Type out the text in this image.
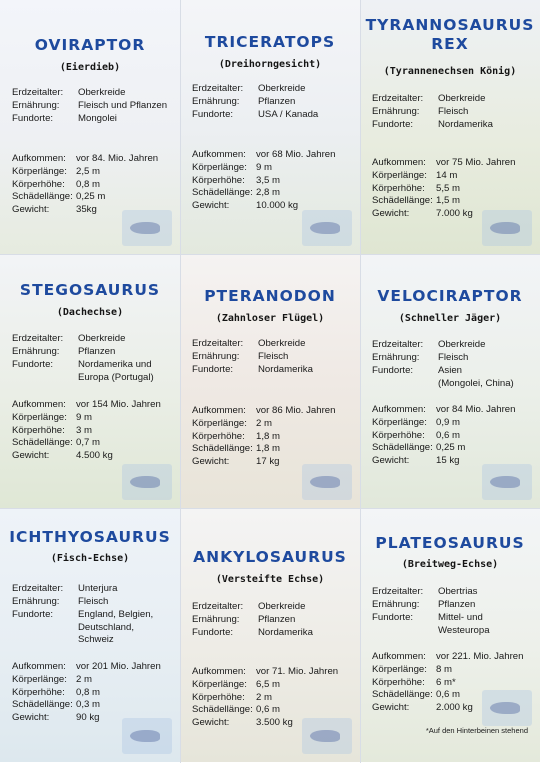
OVIRAPTOR
(Eierdieb)
Erdzeitalter: Oberkreide
Ernährung: Fleisch und Pflanzen
Fundorte:	Mongolei
Aufkommen: vor 84. Mio. Jahren
Körperlänge: 2,5 m
Körperhöhe: 0,8 m
Schädellänge: 0,25 m
Gewicht:	35kg
TRICERATOPS
(Dreihorngesicht)
Erdzeitalter: Oberkreide
Ernährung: Pflanzen
Fundorte:	USA / Kanada
Aufkommen: vor 68 Mio. Jahren
Körperlänge: 9 m
Körperhöhe: 3,5 m
Schädellänge: 2,8 m
Gewicht:	10.000 kg
TYRANNOSAURUS
REX
(Tyrannenechsen König)
Erdzeitalter: Oberkreide
Ernährung: Fleisch
Fundorte:	Nordamerika
Aufkommen: vor 75 Mio. Jahren
Körperlänge: 14 m
Körperhöhe: 5,5 m
Schädellänge: 1,5 m
Gewicht:	7.000 kg
STEGOSAURUS
(Dachechse)
Erdzeitalter: Oberkreide
Ernährung: Pflanzen
Fundorte:	Nordamerika und
Europa (Portugal)
Aufkommen: vor 154 Mio. Jahren
Körperlänge: 9 m
Körperhöhe: 3 m
Schädellänge: 0,7 m
Gewicht:	4.500 kg
PTERANODON
(Zahnloser Flügel)
Erdzeitalter: Oberkreide
Ernährung: Fleisch
Fundorte:	Nordamerika
Aufkommen: vor 86 Mio. Jahren
Körperlänge: 2 m
Körperhöhe: 1,8 m
Schädellänge: 1,8 m
Gewicht:	17 kg
VELOCIRAPTOR
(Schneller Jäger)
Erdzeitalter: Oberkreide
Ernährung: Fleisch
Fundorte:	Asien
(Mongolei, China)
Aufkommen: vor 84 Mio. Jahren
Körperlänge: 0,9 m
Körperhöhe: 0,6 m
Schädellänge: 0,25 m
Gewicht:	15 kg
ICHTHYOSAURUS
(Fisch-Echse)
Erdzeitalter: Unterjura
Ernährung: Fleisch
Fundorte:	England, Belgien,
Deutschland,
Schweiz
Aufkommen: vor 201 Mio. Jahren
Körperlänge: 2 m
Körperhöhe: 0,8 m
Schädellänge: 0,3 m
Gewicht:	90 kg
ANKYLOSAURUS
(Versteifte Echse)
Erdzeitalter: Oberkreide
Ernährung: Pflanzen
Fundorte:	Nordamerika
Aufkommen: vor 71. Mio. Jahren
Körperlänge: 6,5 m
Körperhöhe: 2 m
Schädellänge: 0,6 m
Gewicht:	3.500 kg
PLATEOSAURUS
(Breitweg-Echse)
Erdzeitalter: Obertrias
Ernährung: Pflanzen
Fundorte:	Mittel- und
Westeuropa
Aufkommen: vor 221. Mio. Jahren
Körperlänge: 8 m
Körperhöhe: 6 m*
Schädellänge: 0,6 m
Gewicht:	2.000 kg
*Auf den Hinterbeinen stehend
